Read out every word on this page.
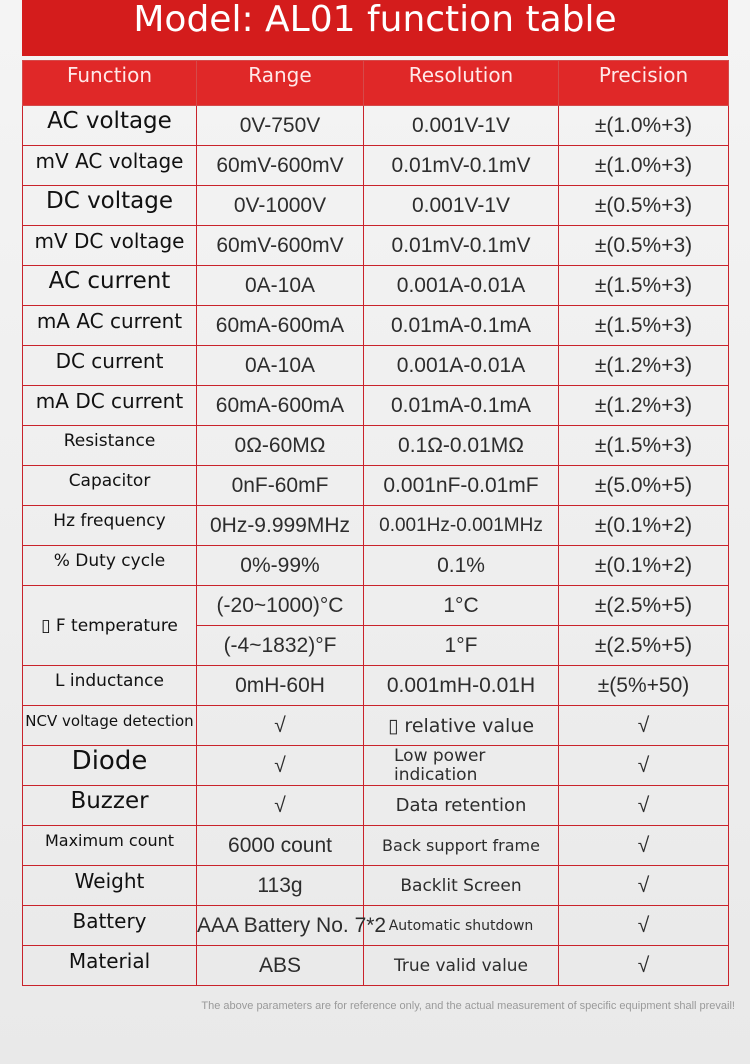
Model: AL01 function table
Function	Range	Resolution	Precision
AC voltage	0V-750V	0.001V-1V	±(1.0%+3)
mV AC voltage	60mV-600mV	0.01mV-0.1mV	±(1.0%+3)
DC voltage	0V-1000V	0.001V-1V	±(0.5%+3)
mV DC voltage	60mV-600mV	0.01mV-0.1mV	±(0.5%+3)
AC current	0A-10A	0.001A-0.01A	±(1.5%+3)
mA AC current	60mA-600mA	0.01mA-0.1mA	±(1.5%+3)
DC current	0A-10A	0.001A-0.01A	±(1.2%+3)
mA DC current	60mA-600mA	0.01mA-0.1mA	±(1.2%+3)
Resistance	0Ω-60MΩ	0.1Ω-0.01MΩ	±(1.5%+3)
Capacitor	0nF-60mF	0.001nF-0.01mF	±(5.0%+5)
Hz frequency	0Hz-9.999MHz	0.001Hz-0.001MHz	±(0.1%+2)
% Duty cycle	0%-99%	0.1%	±(0.1%+2)
▯ F temperature	(-20~1000)°C	1°C	±(2.5%+5)
	(-4~1832)°F	1°F	±(2.5%+5)
L inductance	0mH-60H	0.001mH-0.01H	±(5%+50)
NCV voltage detection	√	▯ relative value	√
Diode	√	Low power indication	√
Buzzer	√	Data retention	√
Maximum count	6000 count	Back support frame	√
Weight	113g	Backlit Screen	√
Battery	AAA Battery No. 7*2	Automatic shutdown	√
Material	ABS	True valid value	√
The above parameters are for reference only, and the actual measurement of specific equipment shall prevail!
